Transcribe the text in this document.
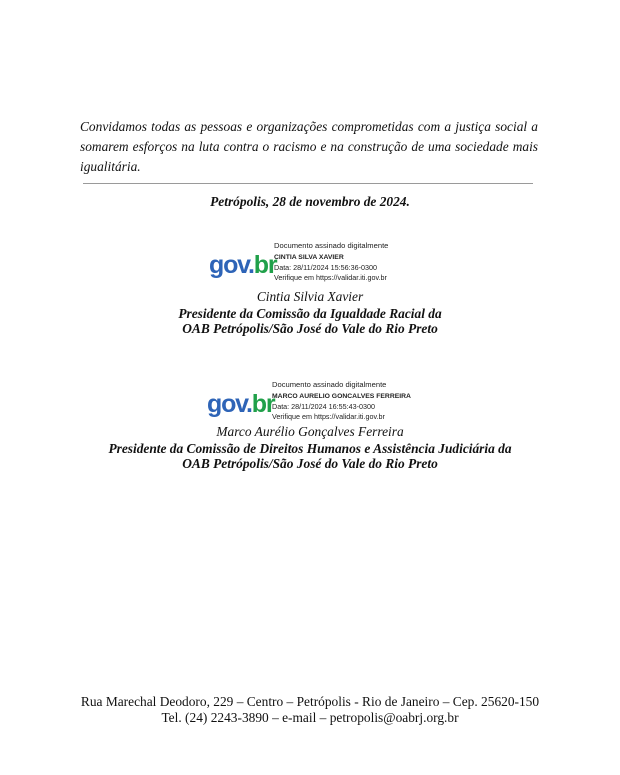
Convidamos todas as pessoas e organizações comprometidas com a justiça social a somarem esforços na luta contra o racismo e na construção de uma sociedade mais igualitária.

Petrópolis, 28 de novembro de 2024.
gov.br
Documento assinado digitalmente
CINTIA SILVA XAVIER
Data: 28/11/2024 15:56:36-0300
Verifique em https://validar.iti.gov.br
Cintia Silvia Xavier
Presidente da Comissão da Igualdade Racial da
OAB Petrópolis/São José do Vale do Rio Preto
gov.br
Documento assinado digitalmente
MARCO AURELIO GONCALVES FERREIRA
Data: 28/11/2024 16:55:43-0300
Verifique em https://validar.iti.gov.br
Marco Aurélio Gonçalves Ferreira
Presidente da Comissão de Direitos Humanos e Assistência Judiciária da
OAB Petrópolis/São José do Vale do Rio Preto
Rua Marechal Deodoro, 229 – Centro – Petrópolis - Rio de Janeiro – Cep. 25620-150
Tel. (24) 2243-3890 – e-mail – petropolis@oabrj.org.br
